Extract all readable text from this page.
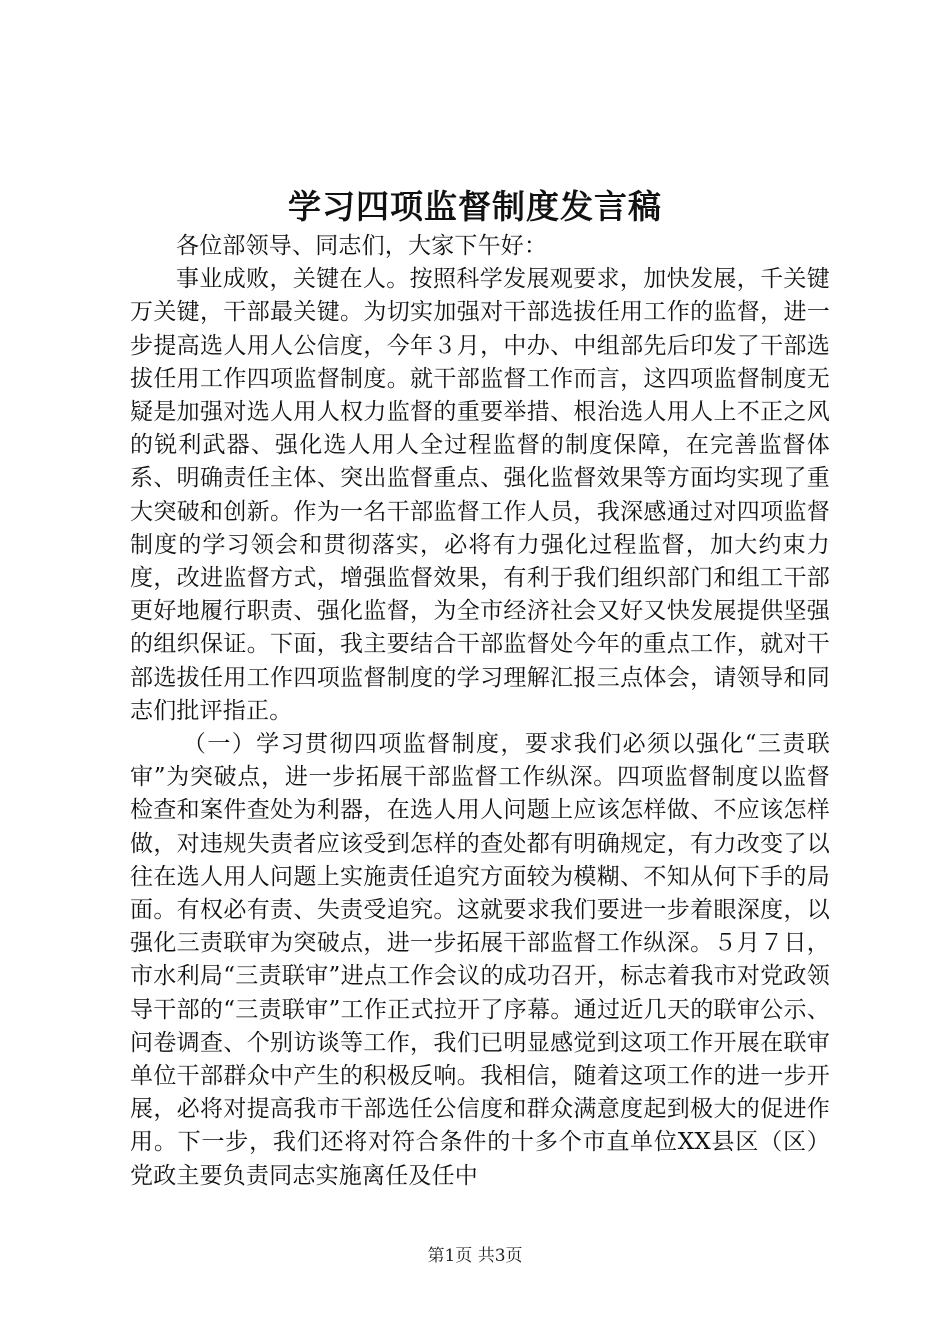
学习四项监督制度发言稿

各位部领导、同志们，大家下午好：

事业成败，关键在人。按照科学发展观要求，加快发展，千关键万关键，干部最关键。为切实加强对干部选拔任用工作的监督，进一步提高选人用人公信度，今年３月，中办、中组部先后印发了干部选拔任用工作四项监督制度。就干部监督工作而言，这四项监督制度无疑是加强对选人用人权力监督的重要举措、根治选人用人上不正之风的锐利武器、强化选人用人全过程监督的制度保障，在完善监督体系、明确责任主体、突出监督重点、强化监督效果等方面均实现了重大突破和创新。作为一名干部监督工作人员，我深感通过对四项监督制度的学习领会和贯彻落实，必将有力强化过程监督，加大约束力度，改进监督方式，增强监督效果，有利于我们组织部门和组工干部更好地履行职责、强化监督，为全市经济社会又好又快发展提供坚强的组织保证。下面，我主要结合干部监督处今年的重点工作，就对干部选拔任用工作四项监督制度的学习理解汇报三点体会，请领导和同志们批评指正。

（一）学习贯彻四项监督制度，要求我们必须以强化“三责联审”为突破点，进一步拓展干部监督工作纵深。四项监督制度以监督检查和案件查处为利器，在选人用人问题上应该怎样做、不应该怎样做，对违规失责者应该受到怎样的查处都有明确规定，有力改变了以往在选人用人问题上实施责任追究方面较为模糊、不知从何下手的局面。有权必有责、失责受追究。这就要求我们要进一步着眼深度，以强化三责联审为突破点，进一步拓展干部监督工作纵深。５月７日，市水利局“三责联审”进点工作会议的成功召开，标志着我市对党政领导干部的“三责联审”工作正式拉开了序幕。通过近几天的联审公示、问卷调查、个别访谈等工作，我们已明显感觉到这项工作开展在联审单位干部群众中产生的积极反响。我相信，随着这项工作的进一步开展，必将对提高我市干部选任公信度和群众满意度起到极大的促进作用。下一步，我们还将对符合条件的十多个市直单位XX县区（区）党政主要负责同志实施离任及任中

第1页 共3页
